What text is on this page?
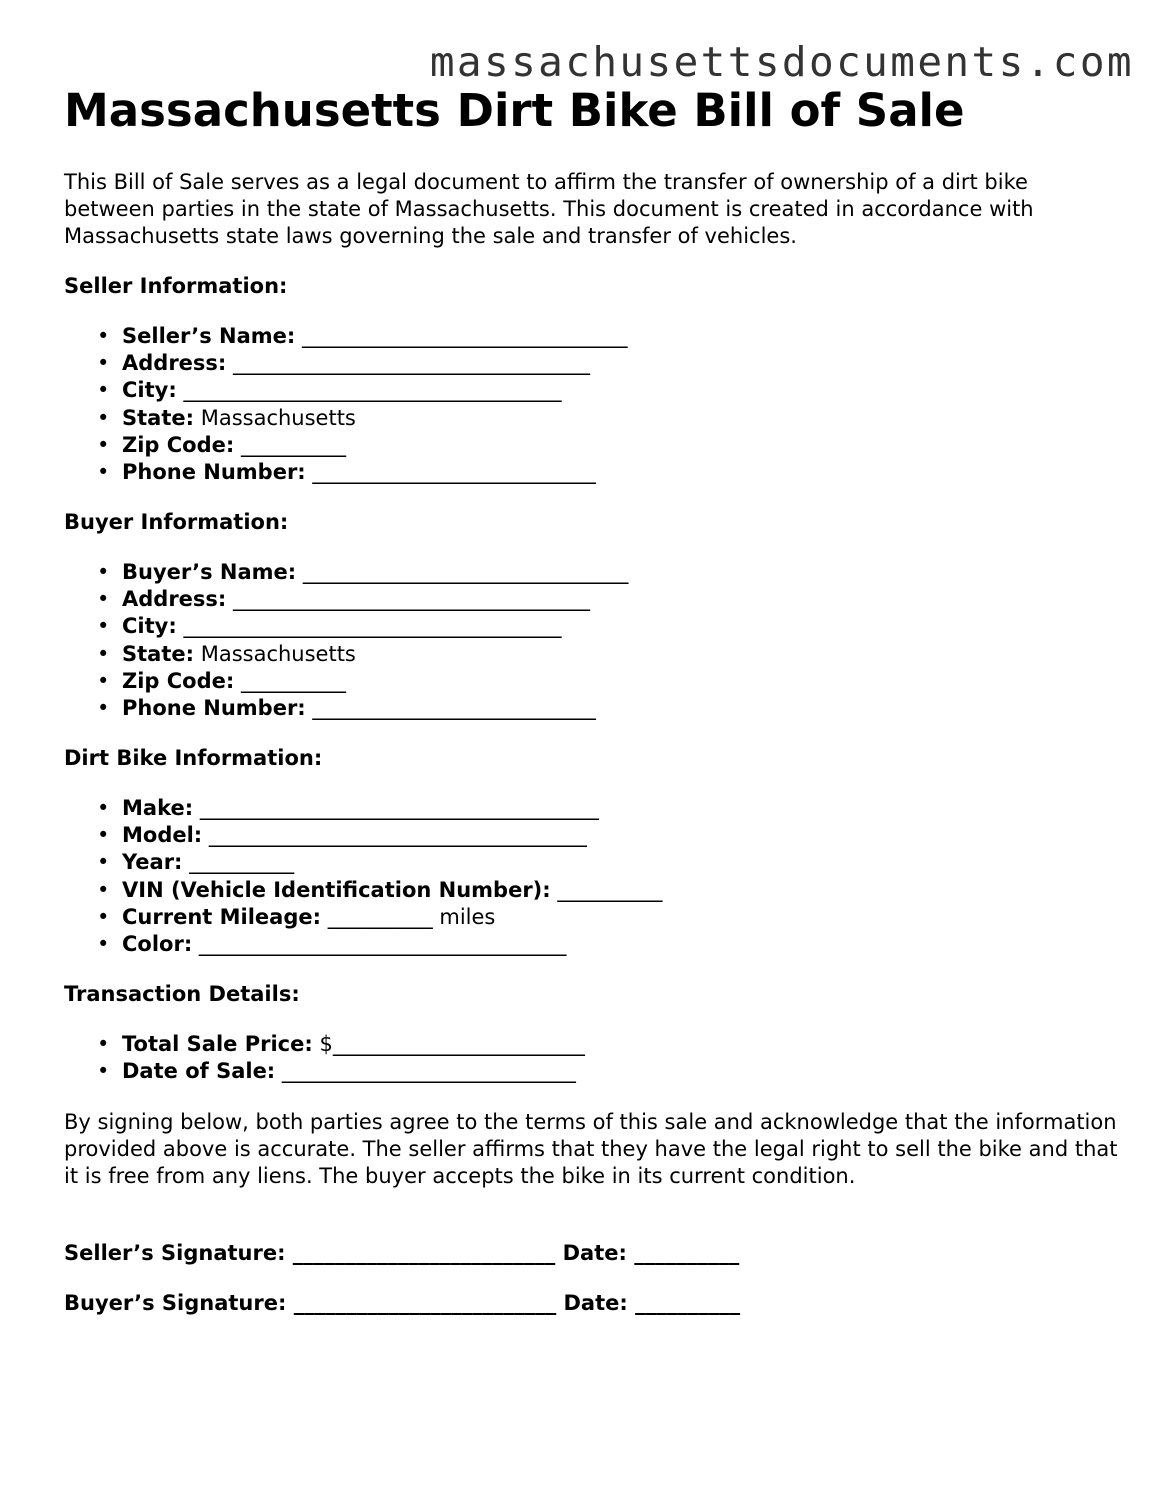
massachusettsdocuments.com
Massachusetts Dirt Bike Bill of Sale

This Bill of Sale serves as a legal document to affirm the transfer of ownership of a dirt bike between parties in the state of Massachusetts. This document is created in accordance with Massachusetts state laws governing the sale and transfer of vehicles.

Seller Information:
• Seller’s Name: _______________________________
• Address: __________________________________
• City: ____________________________________
• State: Massachusetts
• Zip Code: __________
• Phone Number: ___________________________
Buyer Information:
• Buyer’s Name: _______________________________
• Address: __________________________________
• City: ____________________________________
• State: Massachusetts
• Zip Code: __________
• Phone Number: ___________________________
Dirt Bike Information:
• Make: ______________________________________
• Model: ____________________________________
• Year: __________
• VIN (Vehicle Identification Number): __________
• Current Mileage: __________ miles
• Color: ___________________________________
Transaction Details:
• Total Sale Price: $________________________
• Date of Sale: ____________________________

By signing below, both parties agree to the terms of this sale and acknowledge that the information provided above is accurate. The seller affirms that they have the legal right to sell the bike and that it is free from any liens. The buyer accepts the bike in its current condition.

Seller’s Signature: _________________________ Date: __________

Buyer’s Signature: _________________________ Date: __________
